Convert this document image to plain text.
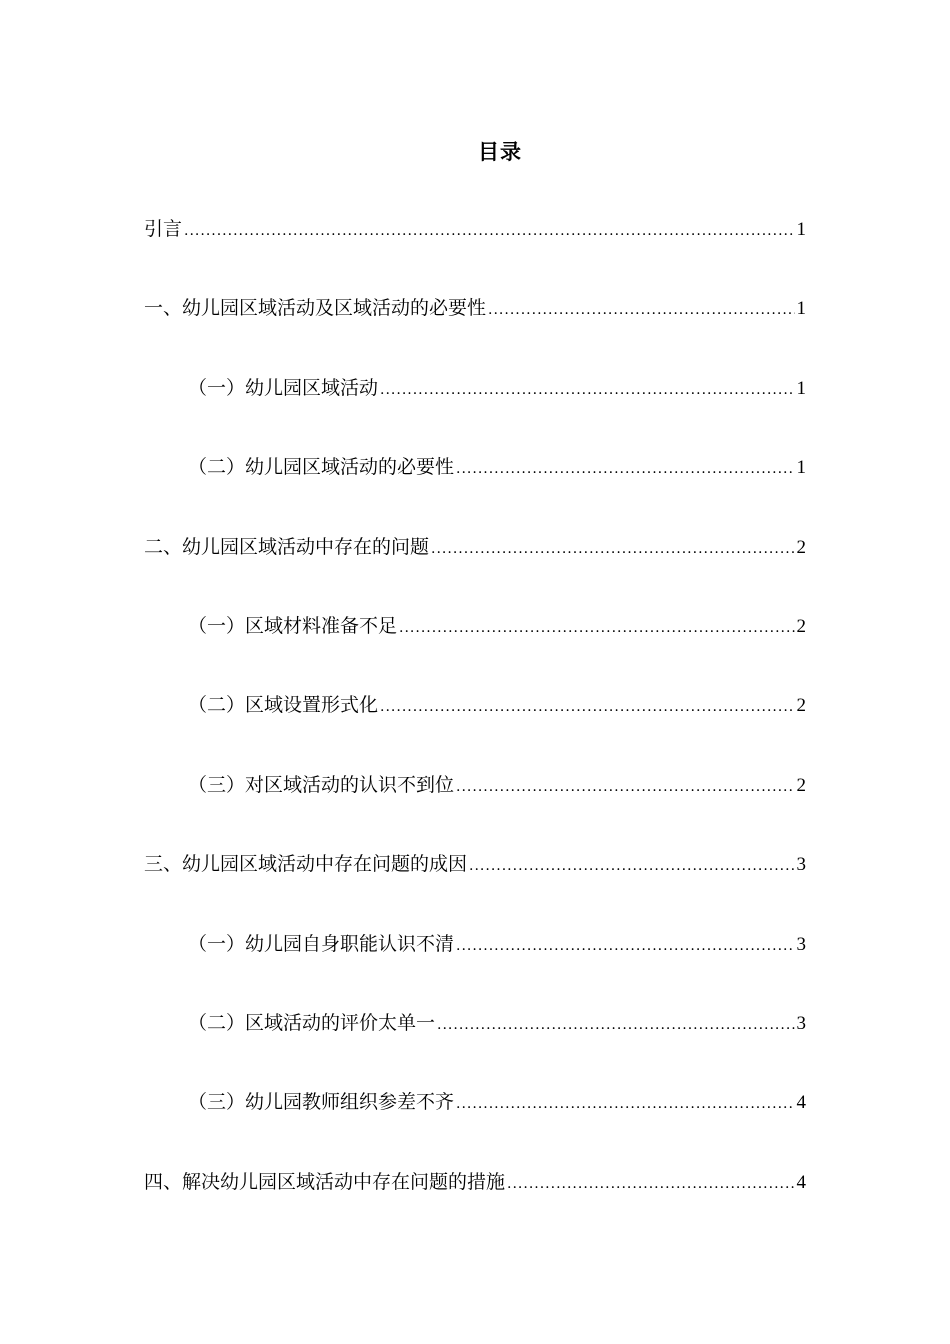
目录
引言 .....	1
一、幼儿园区域活动及区域活动的必要性 .....	1
（一）幼儿园区域活动 .....	1
（二）幼儿园区域活动的必要性 .....	1
二、幼儿园区域活动中存在的问题 .....	2
（一）区域材料准备不足 .....	2
（二）区域设置形式化 .....	2
（三）对区域活动的认识不到位 .....	2
三、幼儿园区域活动中存在问题的成因 .....	3
（一）幼儿园自身职能认识不清 .....	3
（二）区域活动的评价太单一 .....	3
（三）幼儿园教师组织参差不齐 .....	4
四、解决幼儿园区域活动中存在问题的措施 .....	4
